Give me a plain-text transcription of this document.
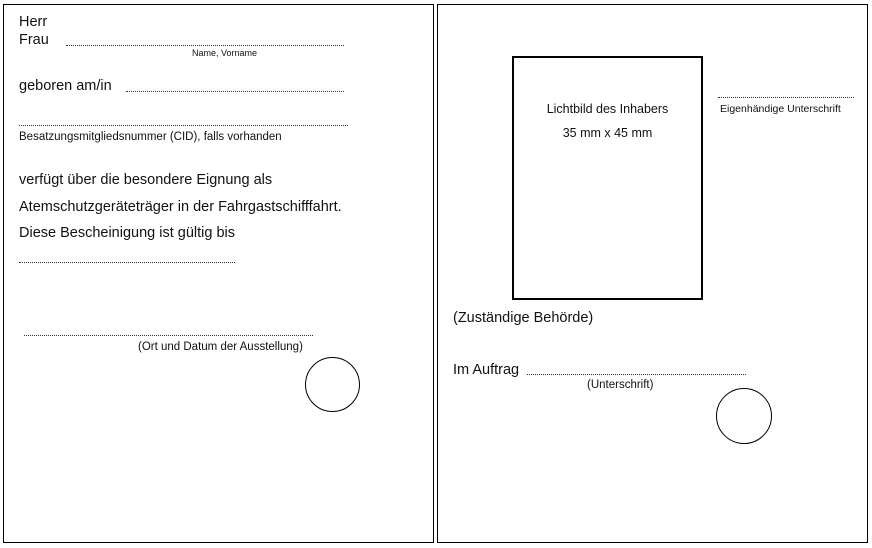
Herr
Frau
Name, Vorname
geboren am/in
Besatzungsmitgliedsnummer (CID), falls vorhanden
verfügt über die besondere Eignung als
Atemschutzgeräteträger in der Fahrgastschifffahrt.
Diese Bescheinigung ist gültig bis
(Ort und Datum der Ausstellung)
Lichtbild des Inhabers
35 mm x 45 mm
Eigenhändige Unterschrift
(Zuständige Behörde)
Im Auftrag
(Unterschrift)
